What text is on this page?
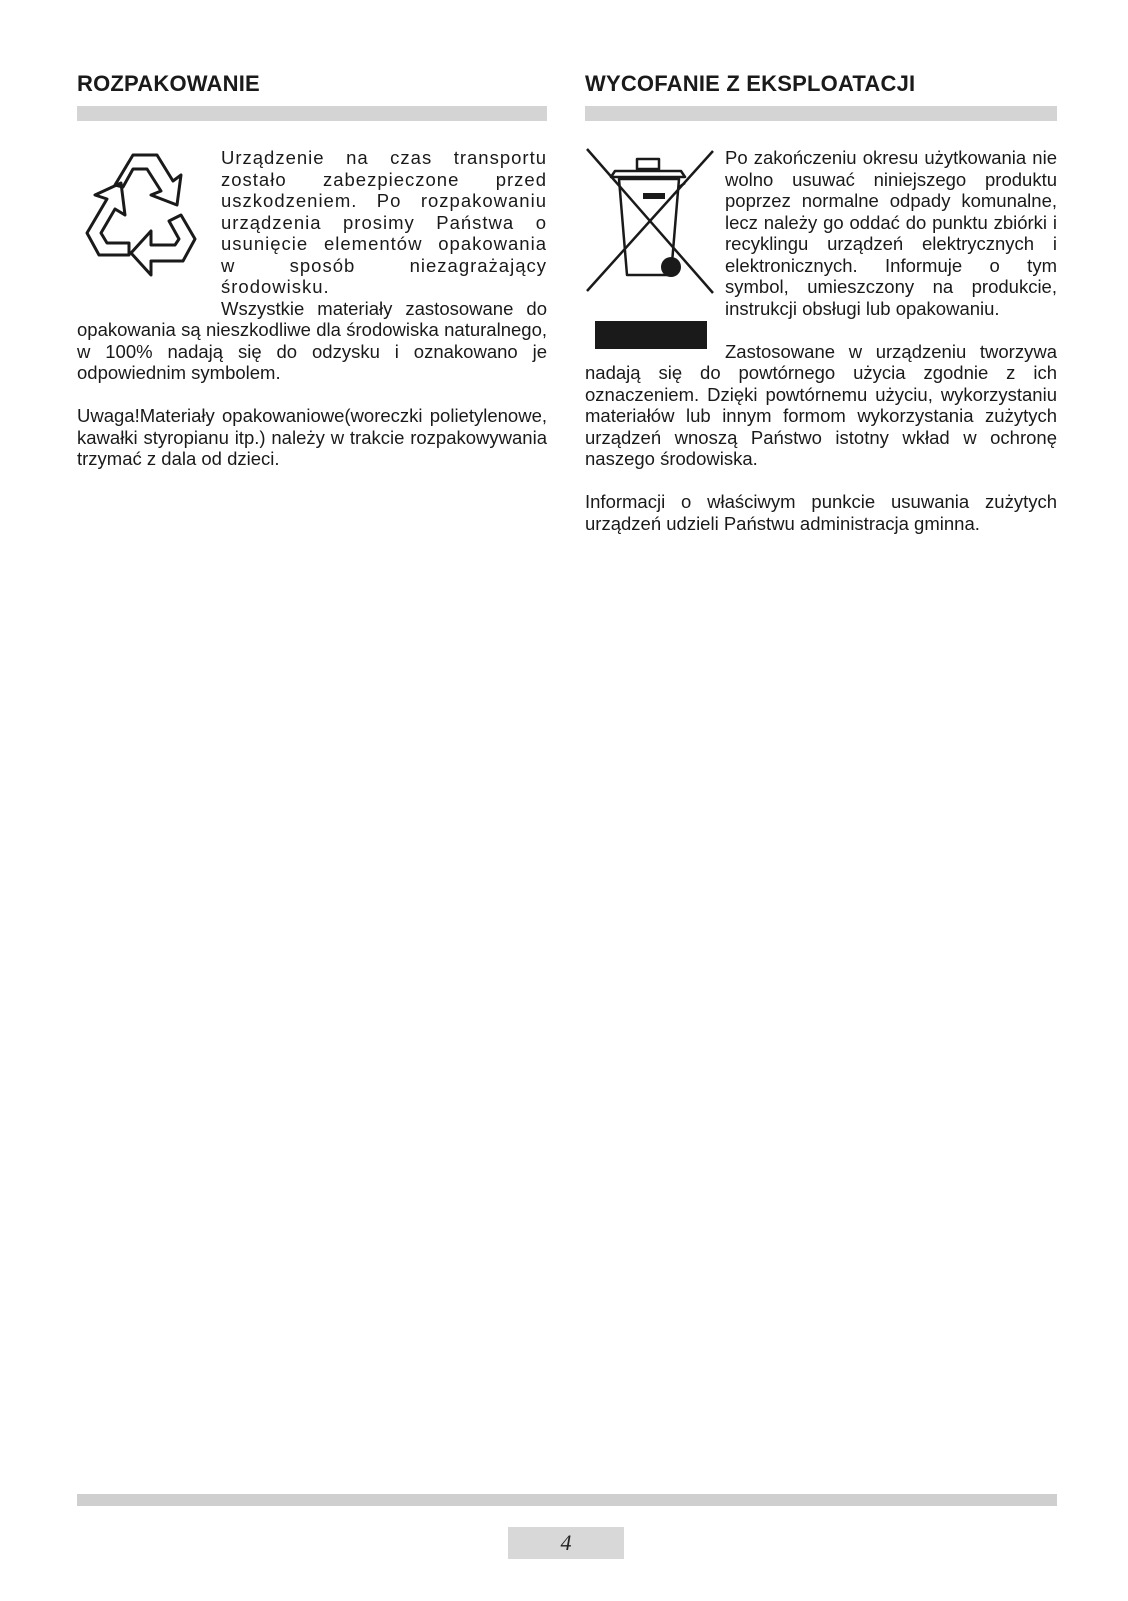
ROZPAKOWANIE

Urządzenie na czas transportu zostało zabezpieczone przed uszkodzeniem. Po rozpakowaniu urządzenia prosimy Państwa o usunięcie elementów opakowania w sposób niezagrażający środowisku.

Wszystkie materiały zastosowane do opakowania są nieszkodliwe dla środowiska naturalnego, w 100% nadają się do odzysku i oznakowano je odpowiednim symbolem.

Uwaga!Materiały opakowaniowe(woreczki polietylenowe, kawałki styropianu itp.) należy w trakcie rozpakowywania trzymać z dala od dzieci.

WYCOFANIE Z EKSPLOATACJI

Po zakończeniu okresu użytkowania nie wolno usuwać niniejszego produktu poprzez normalne odpady komunalne, lecz należy go oddać do punktu zbiórki i recyklingu urządzeń elektrycznych i elektronicznych. Informuje o tym symbol, umieszczony na produkcie, instrukcji obsługi lub opakowaniu.

Zastosowane w urządzeniu tworzywa nadają się do powtórnego użycia zgodnie z ich oznaczeniem. Dzięki powtórnemu użyciu, wykorzystaniu materiałów lub innym formom wykorzystania zużytych urządzeń wnoszą Państwo istotny wkład w ochronę naszego środowiska.

Informacji o właściwym punkcie usuwania zużytych urządzeń udzieli Państwu administracja gminna.

4
